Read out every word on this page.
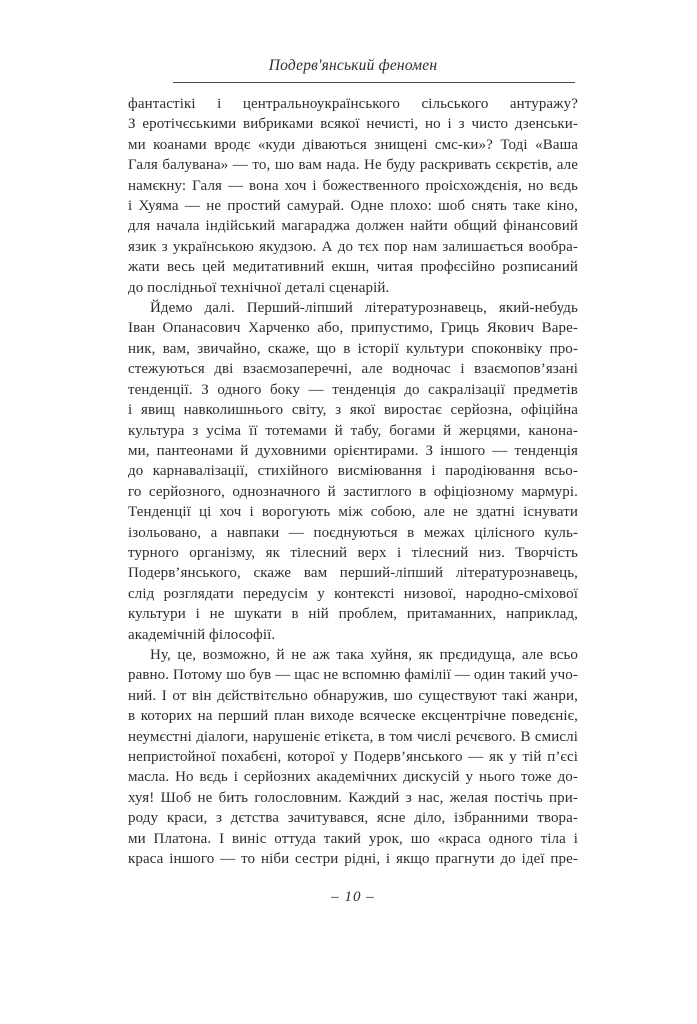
Подерв'янський феномен
фантастікі і центральноукраїнського сільського антуражу?
З еротічєськими вибриками всякої нечисті, но і з чисто дзенськи-
ми коанами вродє «куди діваються знищені смс-ки»? Тоді «Ваша
Галя балувана» — то, шо вам нада. Не буду раскривать сєкрєтів, але
намєкну: Галя — вона хоч і божественного проісхождєнія, но вєдь
і Хуяма — не простий самурай. Одне плохо: шоб снять таке кіно,
для начала індійський магараджа должен найти общий фінансовий
язик з українською якудзою. А до тєх пор нам залишається вообра-
жати весь цей медитативний екшн, читая профєсійно розписаний
до послідньої технічної деталі сценарій.
Йдемо далі. Перший-ліпший літературознавець, який-небудь
Іван Опанасович Харченко або, припустимо, Гриць Якович Варе-
ник, вам, звичайно, скаже, що в історії культури споконвіку про-
стежуються дві взаємозаперечні, але водночас і взаємопов’язані
тенденції. З одного боку — тенденція до сакралізації предметів
і явищ навколишнього світу, з якої виростає серйозна, офіційна
культура з усіма її тотемами й табу, богами й жерцями, канона-
ми, пантеонами й духовними орієнтирами. З іншого — тенденція
до карнавалізації, стихійного висміювання і пародіювання всьо-
го серйозного, однозначного й застиглого в офіціозному мармурі.
Тенденції ці хоч і ворогують між собою, але не здатні існувати
ізольовано, а навпаки — поєднуються в межах цілісного куль-
турного організму, як тілесний верх і тілесний низ. Творчість
Подерв’янського, скаже вам перший-ліпший літературознавець,
слід розглядати передусім у контексті низової, народно-сміхової
культури і не шукати в ній проблем, притаманних, наприклад,
академічній філософії.
Ну, це, возможно, й не аж така хуйня, як прєдидуща, але всьо
равно. Потому шо був — щас не вспомню фамілії — один такий учо-
ний. І от він дєйствітєльно обнаружив, шо существуют такі жанри,
в которих на перший план виходе всяческе ексцентрічне поведєніє,
неумєстні діалоги, нарушеніє етікєта, в том числі рєчєвого. В смислі
непристойної похабєні, которої у Подерв’янського — як у тій п’єсі
масла. Но вєдь і серйозних академічних дискусій у нього тоже до-
хуя! Шоб не бить голословним. Каждий з нас, желая постічь при-
роду краси, з дєтства зачитувався, ясне діло, ізбранними твора-
ми Платона. І виніс оттуда такий урок, шо «краса одного тіла і
краса іншого — то ніби сестри рідні, і якщо прагнути до ідеї пре-
– 10 –
